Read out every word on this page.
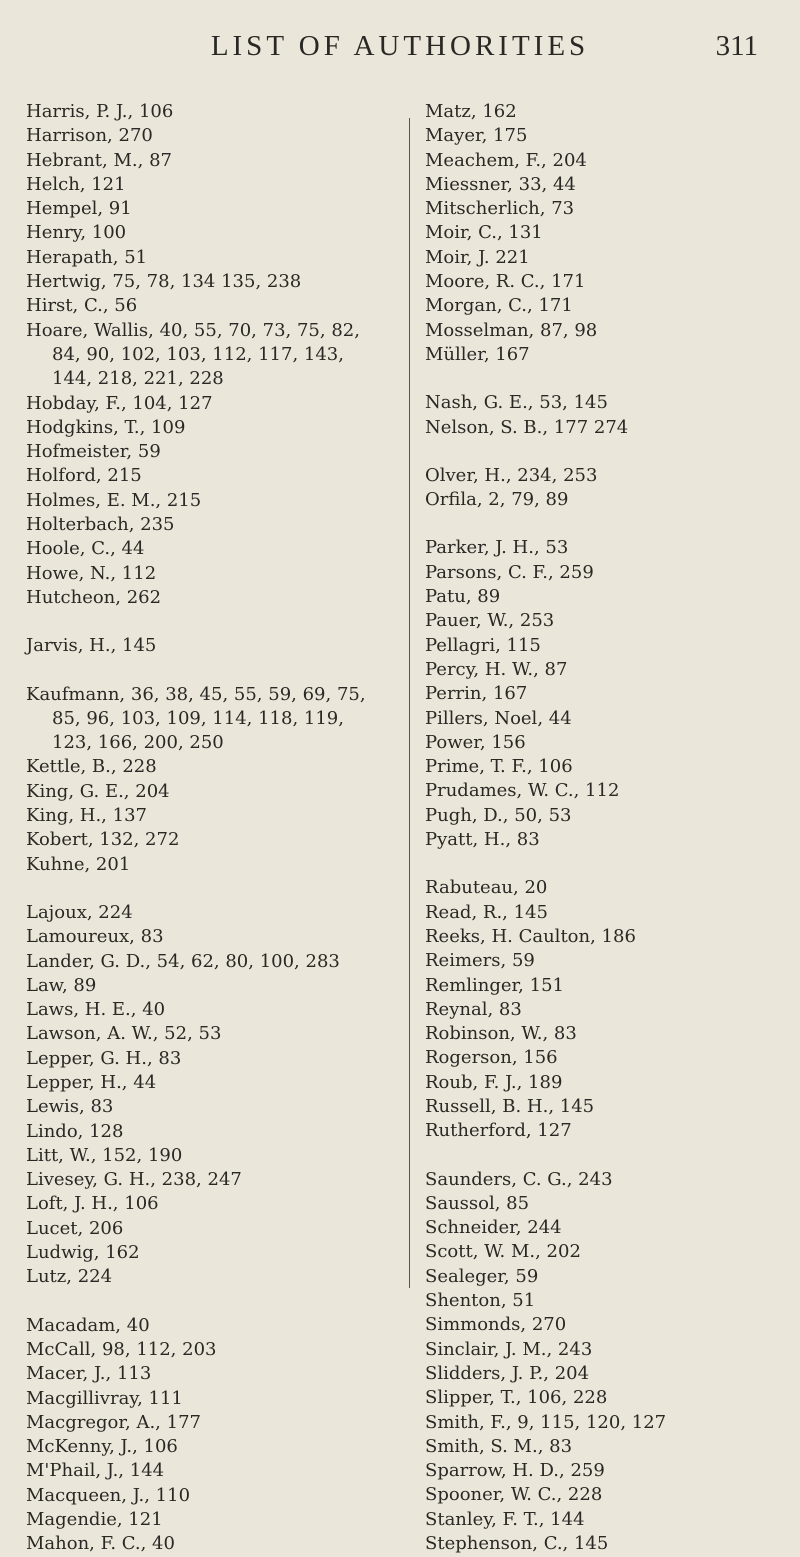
LIST OF AUTHORITIES	311
Harris, P. J., 106
Harrison, 270
Hebrant, M., 87
Helch, 121
Hempel, 91
Henry, 100
Herapath, 51
Hertwig, 75, 78, 134 135, 238
Hirst, C., 56
Hoare, Wallis, 40, 55, 70, 73, 75, 82, 84, 90, 102, 103, 112, 117, 143, 144, 218, 221, 228
Hobday, F., 104, 127
Hodgkins, T., 109
Hofmeister, 59
Holford, 215
Holmes, E. M., 215
Holterbach, 235
Hoole, C., 44
Howe, N., 112
Hutcheon, 262
Jarvis, H., 145
Kaufmann, 36, 38, 45, 55, 59, 69, 75, 85, 96, 103, 109, 114, 118, 119, 123, 166, 200, 250
Kettle, B., 228
King, G. E., 204
King, H., 137
Kobert, 132, 272
Kuhne, 201
Lajoux, 224
Lamoureux, 83
Lander, G. D., 54, 62, 80, 100, 283
Law, 89
Laws, H. E., 40
Lawson, A. W., 52, 53
Lepper, G. H., 83
Lepper, H., 44
Lewis, 83
Lindo, 128
Litt, W., 152, 190
Livesey, G. H., 238, 247
Loft, J. H., 106
Lucet, 206
Ludwig, 162
Lutz, 224
Macadam, 40
McCall, 98, 112, 203
Macer, J., 113
Macgillivray, 111
Macgregor, A., 177
McKenny, J., 106
M'Phail, J., 144
Macqueen, J., 110
Magendie, 121
Mahon, F. C., 40
Matz, 162
Mayer, 175
Meachem, F., 204
Miessner, 33, 44
Mitscherlich, 73
Moir, C., 131
Moir, J. 221
Moore, R. C., 171
Morgan, C., 171
Mosselman, 87, 98
Müller, 167
Nash, G. E., 53, 145
Nelson, S. B., 177 274
Olver, H., 234, 253
Orfila, 2, 79, 89
Parker, J. H., 53
Parsons, C. F., 259
Patu, 89
Pauer, W., 253
Pellagri, 115
Percy, H. W., 87
Perrin, 167
Pillers, Noel, 44
Power, 156
Prime, T. F., 106
Prudames, W. C., 112
Pugh, D., 50, 53
Pyatt, H., 83
Rabuteau, 20
Read, R., 145
Reeks, H. Caulton, 186
Reimers, 59
Remlinger, 151
Reynal, 83
Robinson, W., 83
Rogerson, 156
Roub, F. J., 189
Russell, B. H., 145
Rutherford, 127
Saunders, C. G., 243
Saussol, 85
Schneider, 244
Scott, W. M., 202
Sealeger, 59
Shenton, 51
Simmonds, 270
Sinclair, J. M., 243
Slidders, J. P., 204
Slipper, T., 106, 228
Smith, F., 9, 115, 120, 127
Smith, S. M., 83
Sparrow, H. D., 259
Spooner, W. C., 228
Stanley, F. T., 144
Stephenson, C., 145
